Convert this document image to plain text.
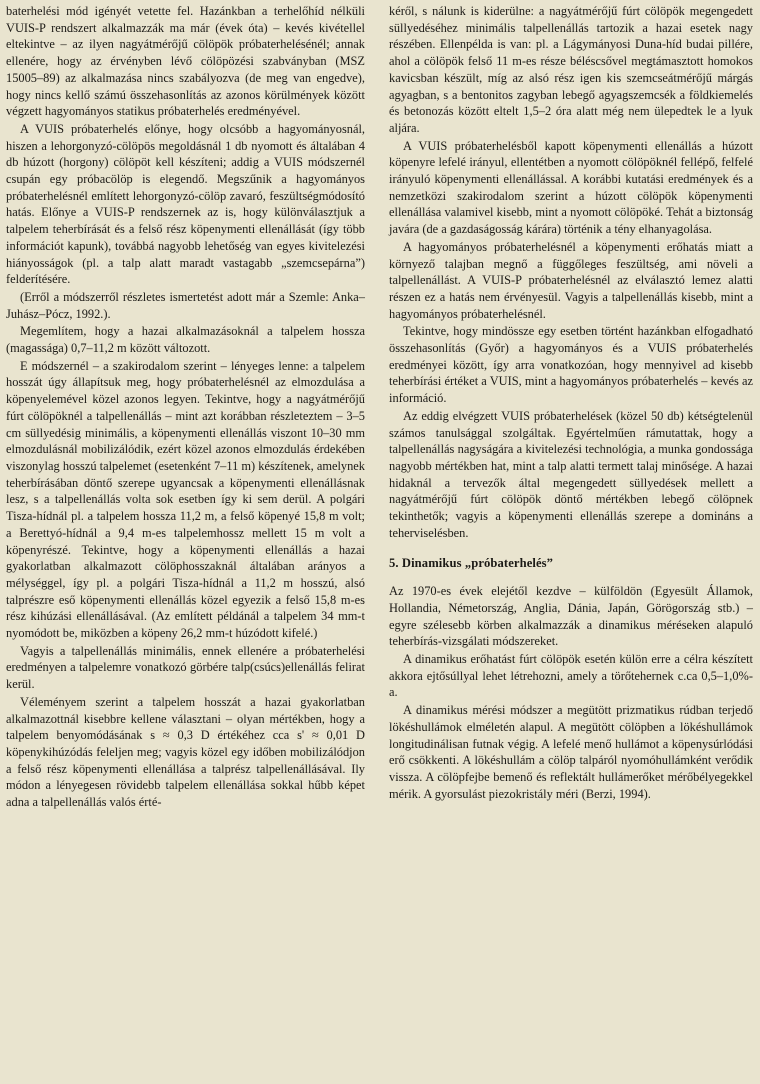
baterhelési mód igényét vetette fel. Hazánkban a terhelőhíd nélküli VUIS-P rendszert alkalmazzák ma már (évek óta) – kevés kivétellel eltekintve – az ilyen nagyátmérőjű cölöpök próbaterhelésénél; annak ellenére, hogy az érvényben lévő cölöpözési szabványban (MSZ 15005–89) az alkalmazása nincs szabályozva (de meg van engedve), hogy nincs kellő számú összehasonlítás az azonos körülmények között végzett hagyományos statikus próbaterhelés eredményével.

A VUIS próbaterhelés előnye, hogy olcsóbb a hagyományosnál, hiszen a lehorgonyzó-cölöpös megoldásnál 1 db nyomott és általában 4 db húzott (horgony) cölöpöt kell készíteni; addig a VUIS módszernél csupán egy próbacölöp is elegendő. Megszűnik a hagyományos próbaterhelésnél említett lehorgonyzó-cölöp zavaró, feszültségmódosító hatás. Előnye a VUIS-P rendszernek az is, hogy különválasztjuk a talpelem teherbírását és a felső rész köpenymenti ellenállását (így több információt kapunk), továbbá nagyobb lehetőség van egyes kivitelezési hiányosságok (pl. a talp alatt maradt vastagabb „szemcsepárna”) felderítésére.

(Erről a módszerről részletes ismertetést adott már a Szemle: Anka–Juhász–Pócz, 1992.).

Megemlítem, hogy a hazai alkalmazásoknál a talpelem hossza (magassága) 0,7–11,2 m között változott.

E módszernél – a szakirodalom szerint – lényeges lenne: a talpelem hosszát úgy állapítsuk meg, hogy próbaterhelésnél az elmozdulása a köpenyelemével közel azonos legyen. Tekintve, hogy a nagyátmérőjű fúrt cölöpöknél a talpellenállás – mint azt korábban részleteztem – 3–5 cm süllyedésig minimális, a köpenymenti ellenállás viszont 10–30 mm elmozdulásnál mobilizálódik, ezért közel azonos elmozdulás érdekében viszonylag hosszú talpelemet (esetenként 7–11 m) készítenek, amelynek teherbírásában döntő szerepe ugyancsak a köpenymenti ellenállásnak lesz, s a talpellenállás volta sok esetben így ki sem derül. A polgári Tisza-hídnál pl. a talpelem hossza 11,2 m, a felső köpenyé 15,8 m volt; a Berettyó-hídnál a 9,4 m-es talpelemhossz mellett 15 m volt a köpenyrészé. Tekintve, hogy a köpenymenti ellenállás a hazai gyakorlatban alkalmazott cölöphosszaknál általában arányos a mélységgel, így pl. a polgári Tisza-hídnál a 11,2 m hosszú, alsó talprészre eső köpenymenti ellenállás közel egyezik a felső 15,8 m-es rész kihúzási ellenállásával. (Az említett példánál a talpelem 34 mm-t nyomódott be, miközben a köpeny 26,2 mm-t húzódott kifelé.)

Vagyis a talpellenállás minimális, ennek ellenére a próbaterhelési eredményen a talpelemre vonatkozó görbére talp(csúcs)ellenállás felirat kerül.

Véleményem szerint a talpelem hosszát a hazai gyakorlatban alkalmazottnál kisebbre kellene választani – olyan mértékben, hogy a talpelem benyomódásának s ≈ 0,3 D értékéhez cca s' ≈ 0,01 D köpenykihúzódás feleljen meg; vagyis közel egy időben mobilizálódjon a felső rész köpenymenti ellenállása a talprész talpellenállásával. Ily módon a lényegesen rövidebb talpelem ellenállása sokkal hűbb képet adna a talpellenállás valós érté-

kéről, s nálunk is kiderülne: a nagyátmérőjű fúrt cölöpök megengedett süllyedéséhez minimális talpellenállás tartozik a hazai esetek nagy részében. Ellenpélda is van: pl. a Lágymányosi Duna-híd budai pillére, ahol a cölöpök felső 11 m-es része béléscsővel megtámasztott homokos kavicsban készült, míg az alsó rész igen kis szemcseátmérőjű márgás agyagban, s a bentonitos zagyban lebegő agyagszemcsék a földkiemelés és betonozás között eltelt 1,5–2 óra alatt még nem ülepedtek le a lyuk aljára.

A VUIS próbaterhelésből kapott köpenymenti ellenállás a húzott köpenyre lefelé irányul, ellentétben a nyomott cölöpöknél fellépő, felfelé irányuló köpenymenti ellenállással. A korábbi kutatási eredmények és a nemzetközi szakirodalom szerint a húzott cölöpök köpenymenti ellenállása valamivel kisebb, mint a nyomott cölöpöké. Tehát a biztonság javára (de a gazdaságosság kárára) történik a tény elhanyagolása.

A hagyományos próbaterhelésnél a köpenymenti erőhatás miatt a környező talajban megnő a függőleges feszültség, ami növeli a talpellenállást. A VUIS-P próbaterhelésnél az elválasztó lemez alatti részen ez a hatás nem érvényesül. Vagyis a talpellenállás kisebb, mint a hagyományos próbaterhelésnél.

Tekintve, hogy mindössze egy esetben történt hazánkban elfogadható összehasonlítás (Győr) a hagyományos és a VUIS próbaterhelés eredményei között, így arra vonatkozóan, hogy mennyivel ad kisebb teherbírási értéket a VUIS, mint a hagyományos próbaterhelés – kevés az információ.

Az eddig elvégzett VUIS próbaterhelések (közel 50 db) kétségtelenül számos tanulsággal szolgáltak. Egyértelműen rámutattak, hogy a talpellenállás nagyságára a kivitelezési technológia, a munka gondossága nagyobb mértékben hat, mint a talp alatti termett talaj minősége. A hazai hidaknál a tervezők által megengedett süllyedések mellett a nagyátmérőjű fúrt cölöpök döntő mértékben lebegő cölöpnek tekinthetők; vagyis a köpenymenti ellenállás szerepe a domináns a teherviselésben.

5. Dinamikus „próbaterhelés”

Az 1970-es évek elejétől kezdve – külföldön (Egyesült Államok, Hollandia, Németország, Anglia, Dánia, Japán, Görögország stb.) – egyre szélesebb körben alkalmazzák a dinamikus méréseken alapuló teherbírás-vizsgálati módszereket.

A dinamikus erőhatást fúrt cölöpök esetén külön erre a célra készített akkora ejtősúllyal lehet létrehozni, amely a törőtehernek c.ca 0,5–1,0%-a.

A dinamikus mérési módszer a megütött prizmatikus rúdban terjedő lökéshullámok elméletén alapul. A megütött cölöpben a lökéshullámok longitudinálisan futnak végig. A lefelé menő hullámot a köpenysúrlódási erő csökkenti. A lökéshullám a cölöp talpáról nyomóhullámként verődik vissza. A cölöpfejbe bemenő és reflektált hullámerőket mérőbélyegekkel mérik. A gyorsulást piezokristály méri (Berzi, 1994).
